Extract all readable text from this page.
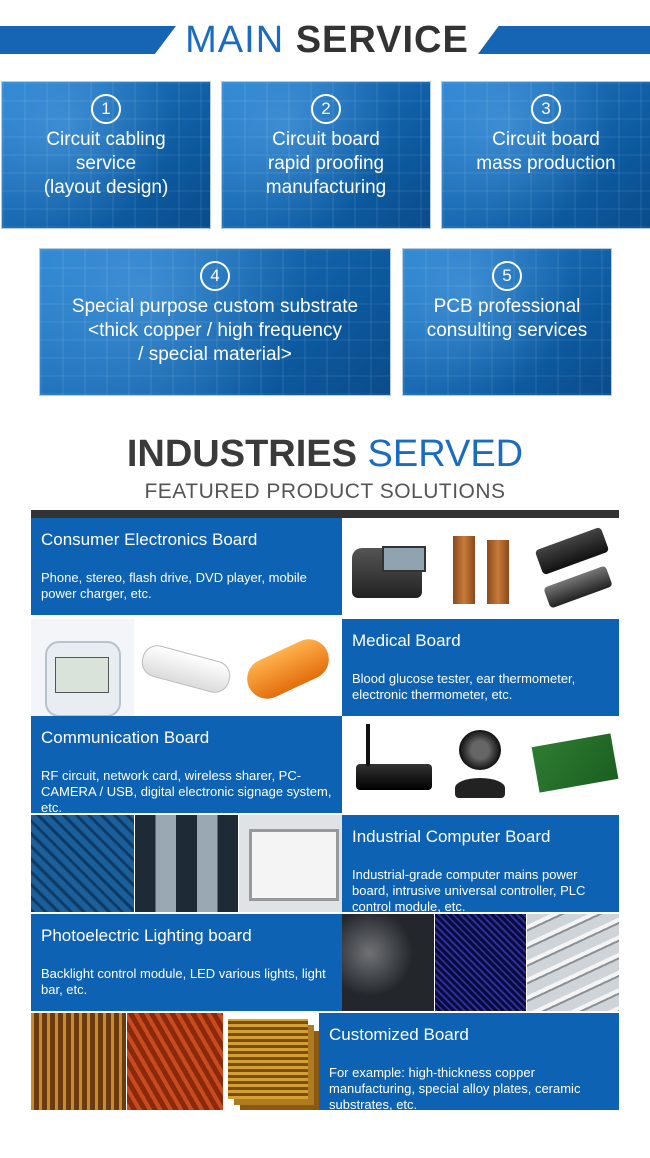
MAIN SERVICE
1
Circuit cabling
service
(layout design)
2
Circuit board
rapid proofing
manufacturing
3
Circuit board
mass production
4
Special purpose custom substrate
<thick copper / high frequency
/ special material>
5
PCB professional
consulting services
INDUSTRIES SERVED
FEATURED PRODUCT SOLUTIONS
Consumer Electronics Board
Phone, stereo, flash drive, DVD player, mobile power charger, etc.
Medical Board
Blood glucose tester, ear thermometer, electronic thermometer, etc.
Communication Board
RF circuit, network card, wireless sharer, PC-CAMERA / USB, digital electronic signage system, etc.
Industrial Computer Board
Industrial-grade computer mains power board, intrusive universal controller, PLC control module, etc.
Photoelectric Lighting board
Backlight control module, LED various lights, light bar, etc.
Customized Board
For example: high-thickness copper manufacturing, special alloy plates, ceramic substrates, etc.
